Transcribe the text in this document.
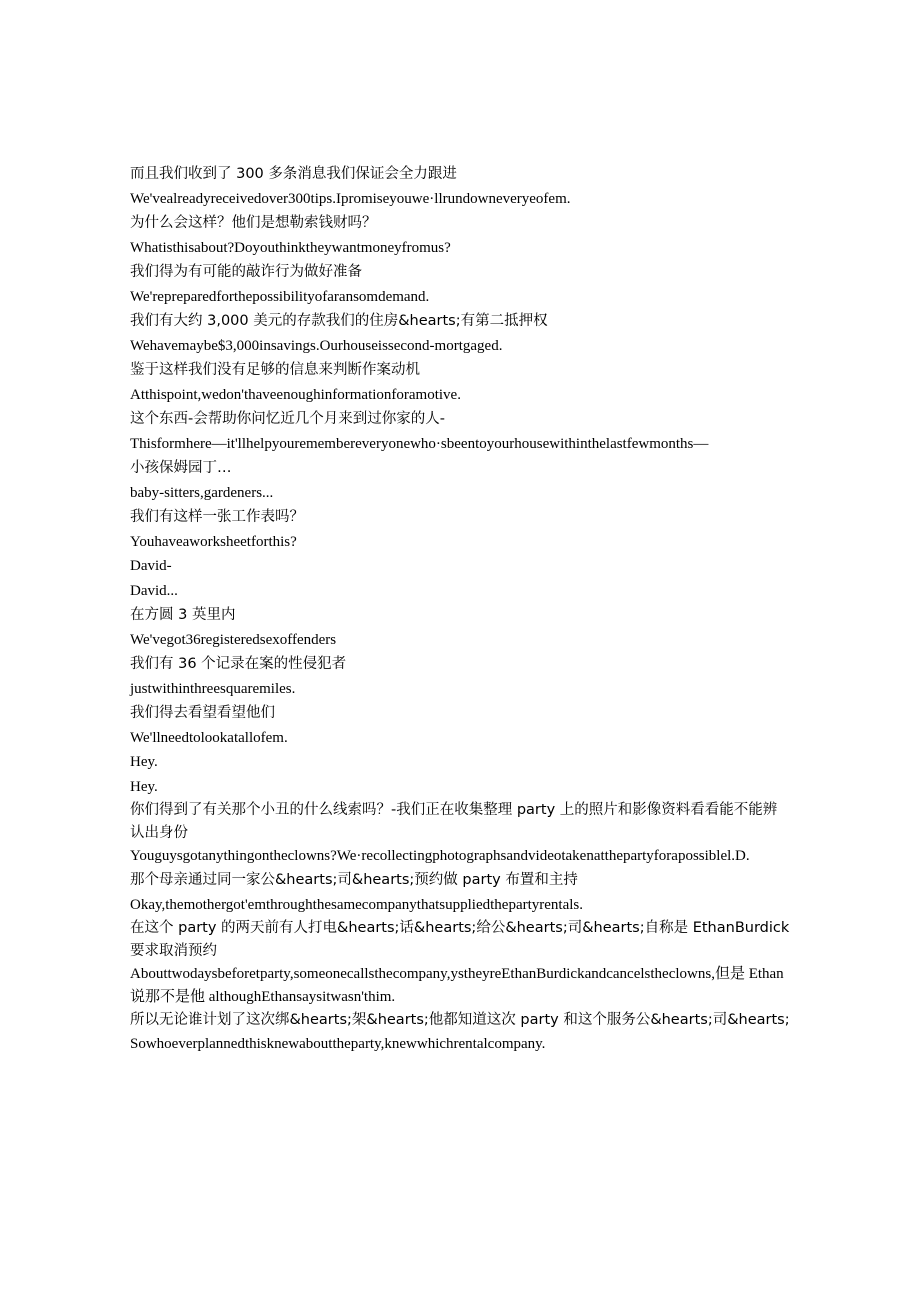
而且我们收到了 300 多条消息我们保证会全力跟进

We'vealreadyreceivedover300tips.Ipromiseyouwe·llrundowneveryeofem.

为什么会这样？他们是想勒索钱财吗？

Whatisthisabout?Doyouthinktheywantmoneyfromus?

我们得为有可能的敲诈行为做好准备

We'repreparedforthepossibilityofaransomdemand.

我们有大约 3,000 美元的存款我们的住房&hearts;有第二抵押权

Wehavemaybe$3,000insavings.Ourhouseissecond-mortgaged.

鉴于这样我们没有足够的信息来判断作案动机

Atthispoint,wedon'thaveenoughinformationforamotive.

这个东西-会帮助你问忆近几个月来到过你家的人-

Thisformhere—it'llhelpyouremembereveryonewho·sbeentoyourhousewithinthelastfewmonths—

小孩保姆园丁…

baby-sitters,gardeners...

我们有这样一张工作表吗？

Youhaveaworksheetforthis?

David-

David...

在方圆 3 英里内

We'vegot36registeredsexoffenders

我们有 36 个记录在案的性侵犯者

justwithinthreesquaremiles.

我们得去看望看望他们

We'llneedtolookatallofem.

Hey.

Hey.

你们得到了有关那个小丑的什么线索吗？-我们正在收集整理 party 上的照片和影像资料看看能不能辨认出身份

Youguysgotanythingontheclowns?We·recollectingphotographsandvideotakenatthepartyforapossiblel.D.

那个母亲通过同一家公&hearts;司&hearts;预约做 party 布置和主持

Okay,themothergot'emthroughthesamecompanythatsuppliedthepartyrentals.

在这个 party 的两天前有人打电&hearts;话&hearts;给公&hearts;司&hearts;自称是 EthanBurdick 要求取消预约

Abouttwodaysbeforetparty,someonecallsthecompany,ystheyreEthanBurdickandcancelstheclowns,但是 Ethan 说那不是他 althoughEthansaysitwasn'thim.

所以无论谁计划了这次绑&hearts;架&hearts;他都知道这次 party 和这个服务公&hearts;司&hearts;

Sowhoeverplannedthisknewabouttheparty,knewwhichrentalcompany.
